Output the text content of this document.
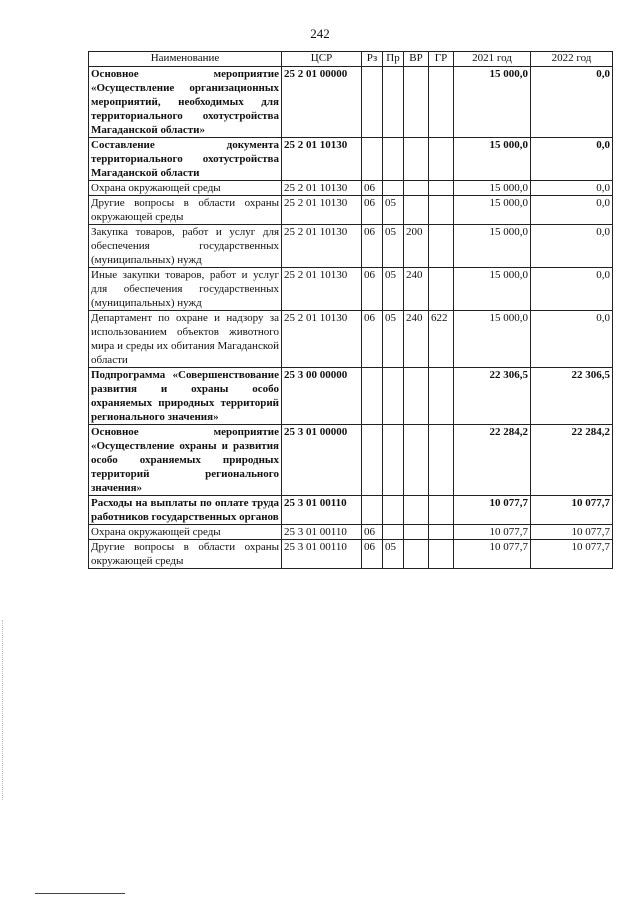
242
Наименование	ЦСР	Рз	Пр	ВР	ГР	2021 год	2022 год
Основное мероприятие «Осуществление организационных мероприятий, необходимых для территориального охотустройства Магаданской области»	25 2 01 00000					15 000,0	0,0
Составление документа территориального охотустройства Магаданской области	25 2 01 10130					15 000,0	0,0
Охрана окружающей среды	25 2 01 10130	06				15 000,0	0,0
Другие вопросы в области охраны окружающей среды	25 2 01 10130	06	05			15 000,0	0,0
Закупка товаров, работ и услуг для обеспечения государственных (муниципальных) нужд	25 2 01 10130	06	05	200		15 000,0	0,0
Иные закупки товаров, работ и услуг для обеспечения государственных (муниципальных) нужд	25 2 01 10130	06	05	240		15 000,0	0,0
Департамент по охране и надзору за использованием объектов животного мира и среды их обитания Магаданской области	25 2 01 10130	06	05	240	622	15 000,0	0,0
Подпрограмма «Совершенствование развития и охраны особо охраняемых природных территорий регионального значения»	25 3 00 00000					22 306,5	22 306,5
Основное мероприятие «Осуществление охраны и развития особо охраняемых природных территорий регионального значения»	25 3 01 00000					22 284,2	22 284,2
Расходы на выплаты по оплате труда работников государственных органов	25 3 01 00110					10 077,7	10 077,7
Охрана окружающей среды	25 3 01 00110	06				10 077,7	10 077,7
Другие вопросы в области охраны окружающей среды	25 3 01 00110	06	05			10 077,7	10 077,7
